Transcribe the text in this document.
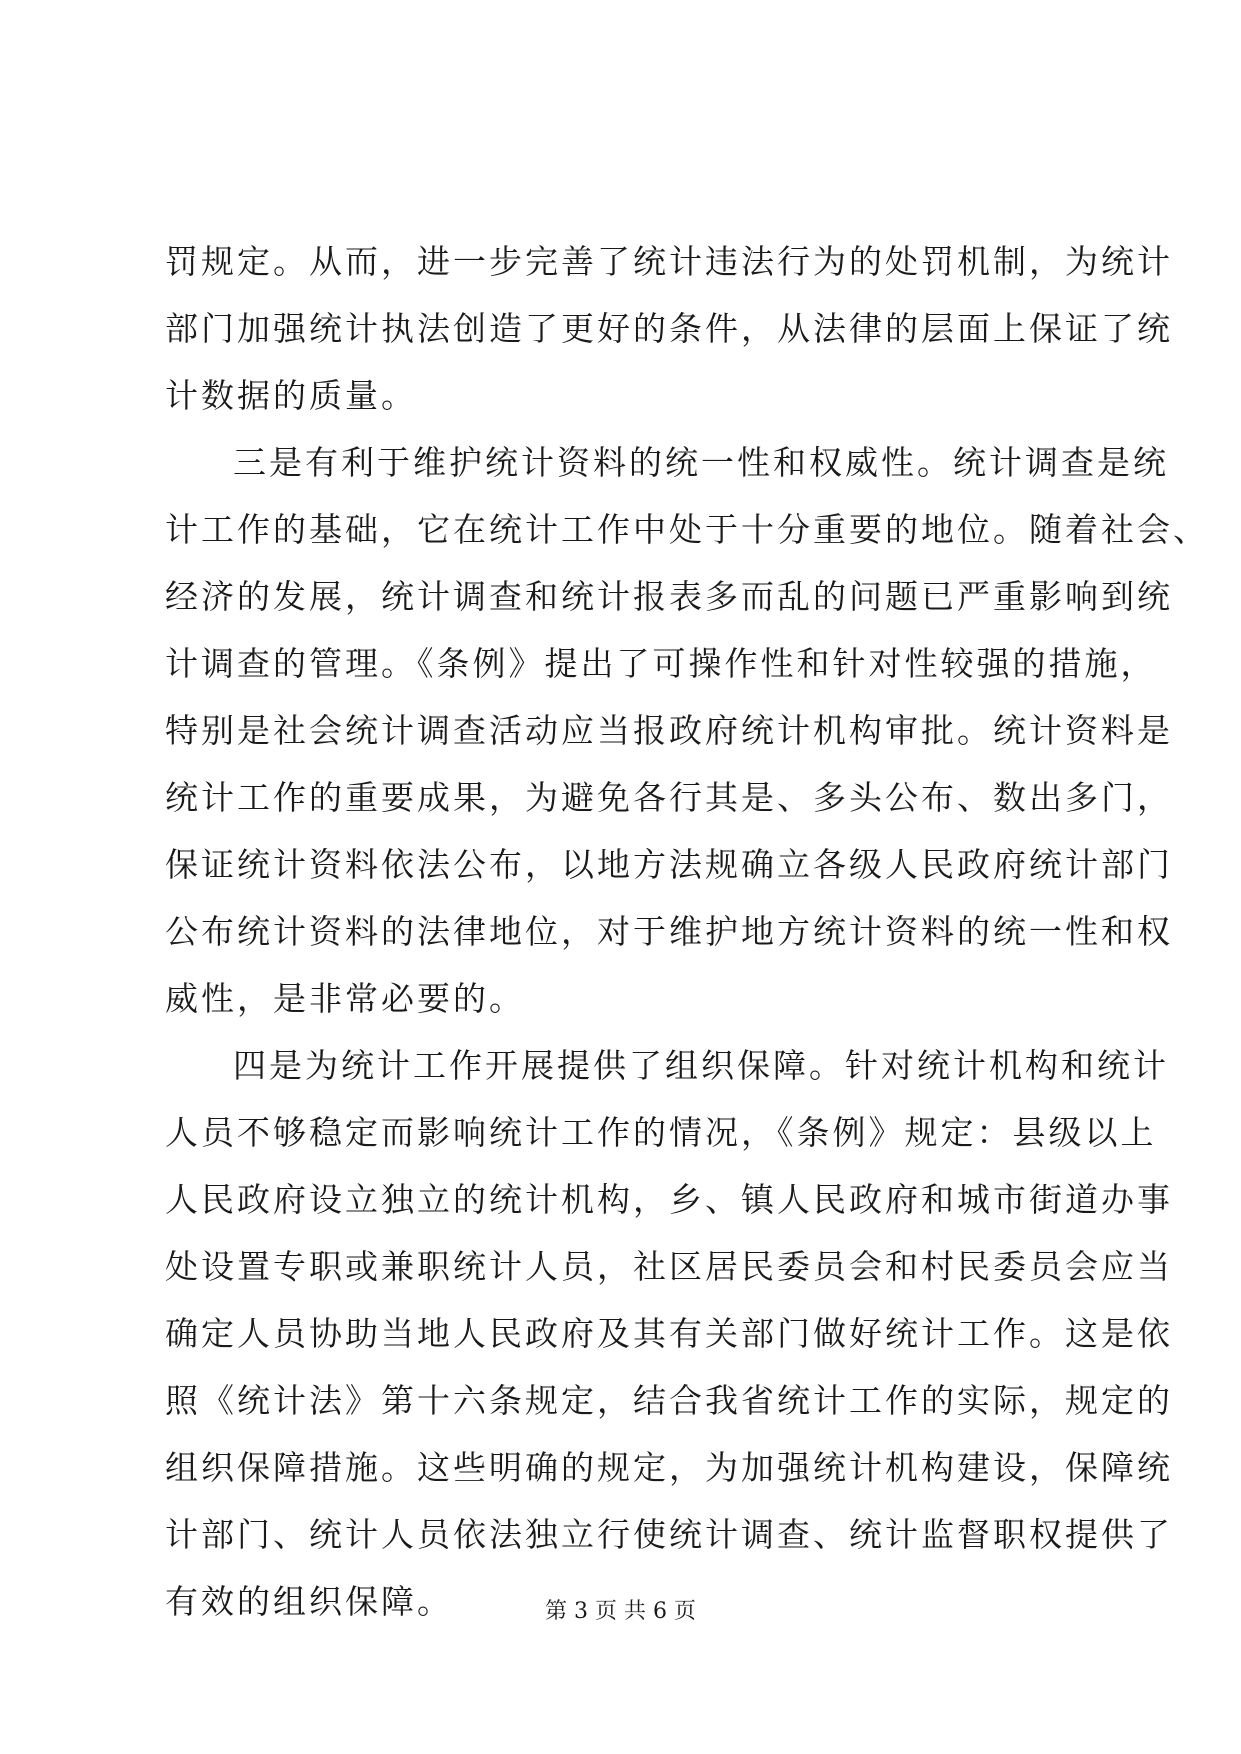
罚规定。从而，进一步完善了统计违法行为的处罚机制，为统计
部门加强统计执法创造了更好的条件，从法律的层面上保证了统
计数据的质量。
三是有利于维护统计资料的统一性和权威性。统计调查是统
计工作的基础，它在统计工作中处于十分重要的地位。随着社会、
经济的发展，统计调查和统计报表多而乱的问题已严重影响到统
计调查的管理。《条例》提出了可操作性和针对性较强的措施，
特别是社会统计调查活动应当报政府统计机构审批。统计资料是
统计工作的重要成果，为避免各行其是、多头公布、数出多门，
保证统计资料依法公布，以地方法规确立各级人民政府统计部门
公布统计资料的法律地位，对于维护地方统计资料的统一性和权
威性，是非常必要的。
四是为统计工作开展提供了组织保障。针对统计机构和统计
人员不够稳定而影响统计工作的情况，《条例》规定：县级以上
人民政府设立独立的统计机构，乡、镇人民政府和城市街道办事
处设置专职或兼职统计人员，社区居民委员会和村民委员会应当
确定人员协助当地人民政府及其有关部门做好统计工作。这是依
照《统计法》第十六条规定，结合我省统计工作的实际，规定的
组织保障措施。这些明确的规定，为加强统计机构建设，保障统
计部门、统计人员依法独立行使统计调查、统计监督职权提供了
有效的组织保障。	第 3 页 共 6 页
